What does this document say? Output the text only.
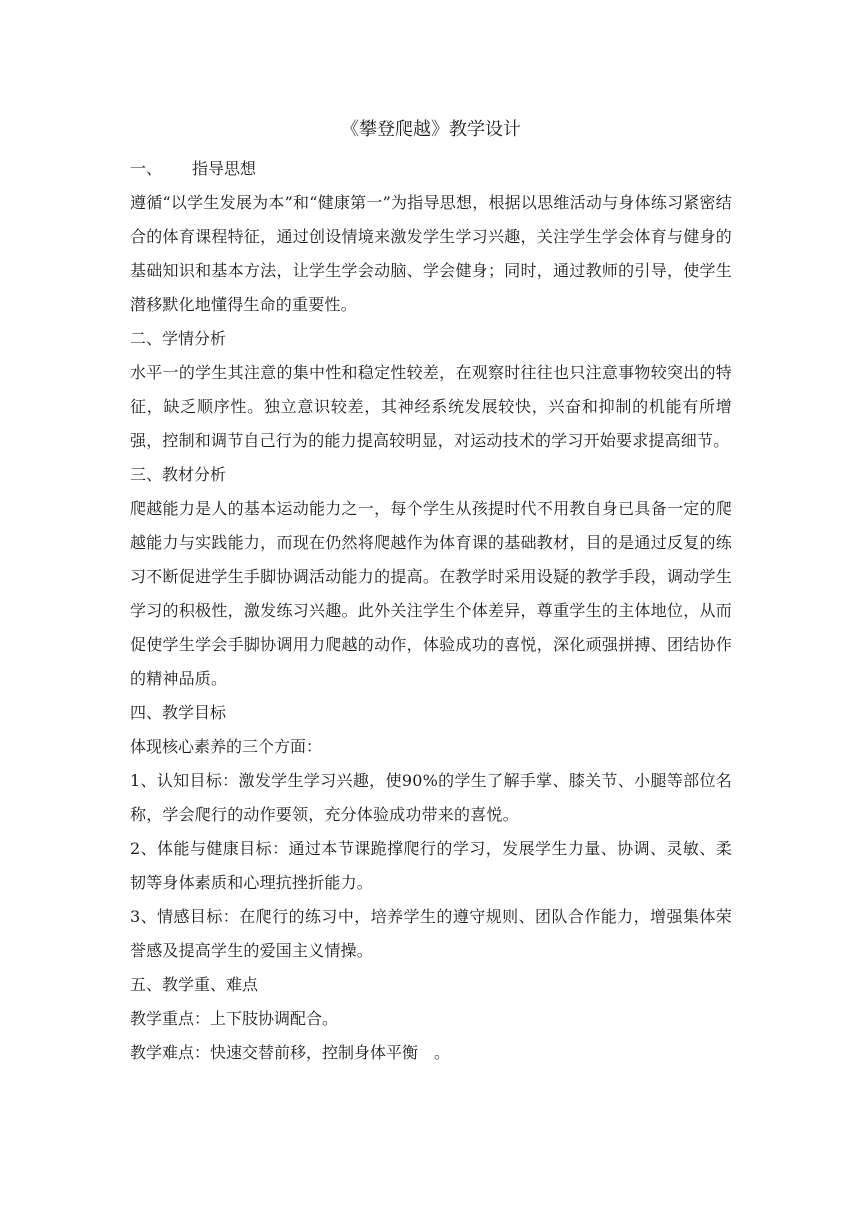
《攀登爬越》教学设计

一、 指导思想

遵循“以学生发展为本”和“健康第一”为指导思想，根据以思维活动与身体练习紧密结合的体育课程特征，通过创设情境来激发学生学习兴趣，关注学生学会体育与健身的基础知识和基本方法，让学生学会动脑、学会健身；同时，通过教师的引导，使学生潜移默化地懂得生命的重要性。

二、学情分析

水平一的学生其注意的集中性和稳定性较差，在观察时往往也只注意事物较突出的特征，缺乏顺序性。独立意识较差，其神经系统发展较快，兴奋和抑制的机能有所增强，控制和调节自己行为的能力提高较明显，对运动技术的学习开始要求提高细节。

三、教材分析

爬越能力是人的基本运动能力之一，每个学生从孩提时代不用教自身已具备一定的爬越能力与实践能力，而现在仍然将爬越作为体育课的基础教材，目的是通过反复的练习不断促进学生手脚协调活动能力的提高。在教学时采用设疑的教学手段，调动学生学习的积极性，激发练习兴趣。此外关注学生个体差异，尊重学生的主体地位，从而促使学生学会手脚协调用力爬越的动作，体验成功的喜悦，深化顽强拼搏、团结协作的精神品质。

四、教学目标

体现核心素养的三个方面：

1、认知目标：激发学生学习兴趣，使90%的学生了解手掌、膝关节、小腿等部位名称，学会爬行的动作要领，充分体验成功带来的喜悦。

2、体能与健康目标：通过本节课跪撑爬行的学习，发展学生力量、协调、灵敏、柔韧等身体素质和心理抗挫折能力。

3、情感目标：在爬行的练习中，培养学生的遵守规则、团队合作能力，增强集体荣誉感及提高学生的爱国主义情操。

五、教学重、难点

教学重点：上下肢协调配合。

教学难点：快速交替前移，控制身体平衡　。
